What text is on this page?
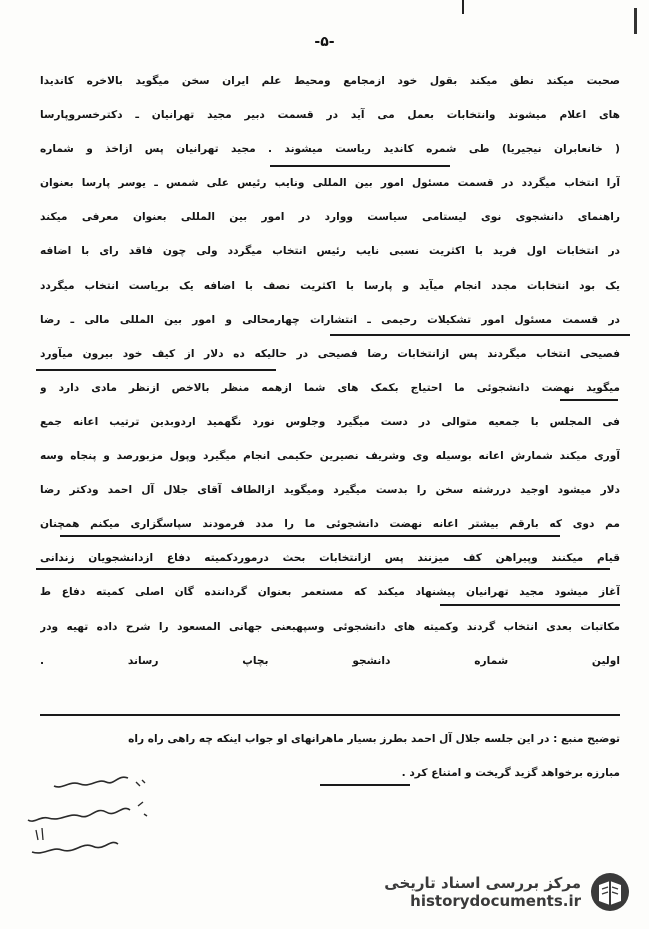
-۵-
صحبت میکند نطق میکند بقول خود ازمجامع ومحیط علم ایران سخن میگوید بالاخره کاندیدا
های اعلام میشوند وانتخابات بعمل می آید در قسمت دبیر مجید تهرانیان ـ دکترخسروپارسا
( خانعابران نیجیریا) طی شمره کاندید ریاست میشوند . مجید تهرانیان پس ازاخذ و شماره
آرا انتخاب میگردد در قسمت مسئول امور بین المللی ونایب رئیس علی شمس ـ یوسر پارسا بعنوان
راهنمای دانشجوی نوی لیستامی سیاست ووارد در امور بین المللی بعنوان معرفی میکند
در انتخابات اول فرید با اکثریت نسبی نایب رئیس انتخاب میگردد ولی چون فاقد رای با اضافه
یک بود انتخابات مجدد انجام میآید و پارسا با اکثریت نصف با اضافه یک بریاست انتخاب میگردد
در قسمت مسئول امور تشکیلات رحیمی ـ انتشارات چهارمحالی و امور بین المللی مالی ـ رضا
فصیحی انتخاب میگردند پس ازانتخابات رضا فصیحی در حالیکه ده دلار از کیف خود بیرون میآورد
میگوید نهضت دانشجوئی ما احتیاج بکمک های شما ازهمه منظر بالاخص ازنظر مادی دارد و
فی المجلس با جمعیه متوالی در دست میگیرد وجلوس نورد نگهمید اردوبدین ترتیب اعانه جمع
آوری میکند شمارش اعانه بوسیله وی وشریف نصیرین حکیمی انجام میگیرد وپول مزبورصد و پنجاه وسه
دلار میشود اوجید دررشته سخن را بدست میگیرد ومیگوید ازالطاف آقای جلال آل احمد ودکتر رضا
مم دوی که بارقم بیشتر اعانه نهضت دانشجوئی ما را مدد فرمودند سپاسگزاری میکنم همچنان
قیام میکنند وپیراهن کف میزنند پس ازانتخابات بحث درموردکمیته دفاع ازدانشجویان زندانی
آغاز میشود مجید تهرانیان پیشنهاد میکند که مستعمر بعنوان گرداننده گان اصلی کمیته دفاع ط
مکاتبات بعدی انتخاب گردند وکمیته های دانشجوئی وسپهبعنی جهانی المسعود را شرح داده تهیه ودر
اولین شماره دانشجو بچاپ رساند .
توضیح منبع : در این جلسه جلال آل احمد بطرز بسیار ماهرانهای او جواب اینکه چه راهی راه راه
مبارزه برخواهد گزید گریخت و امتناع کرد .
مرکز بررسی اسناد تاریخی
historydocuments.ir
